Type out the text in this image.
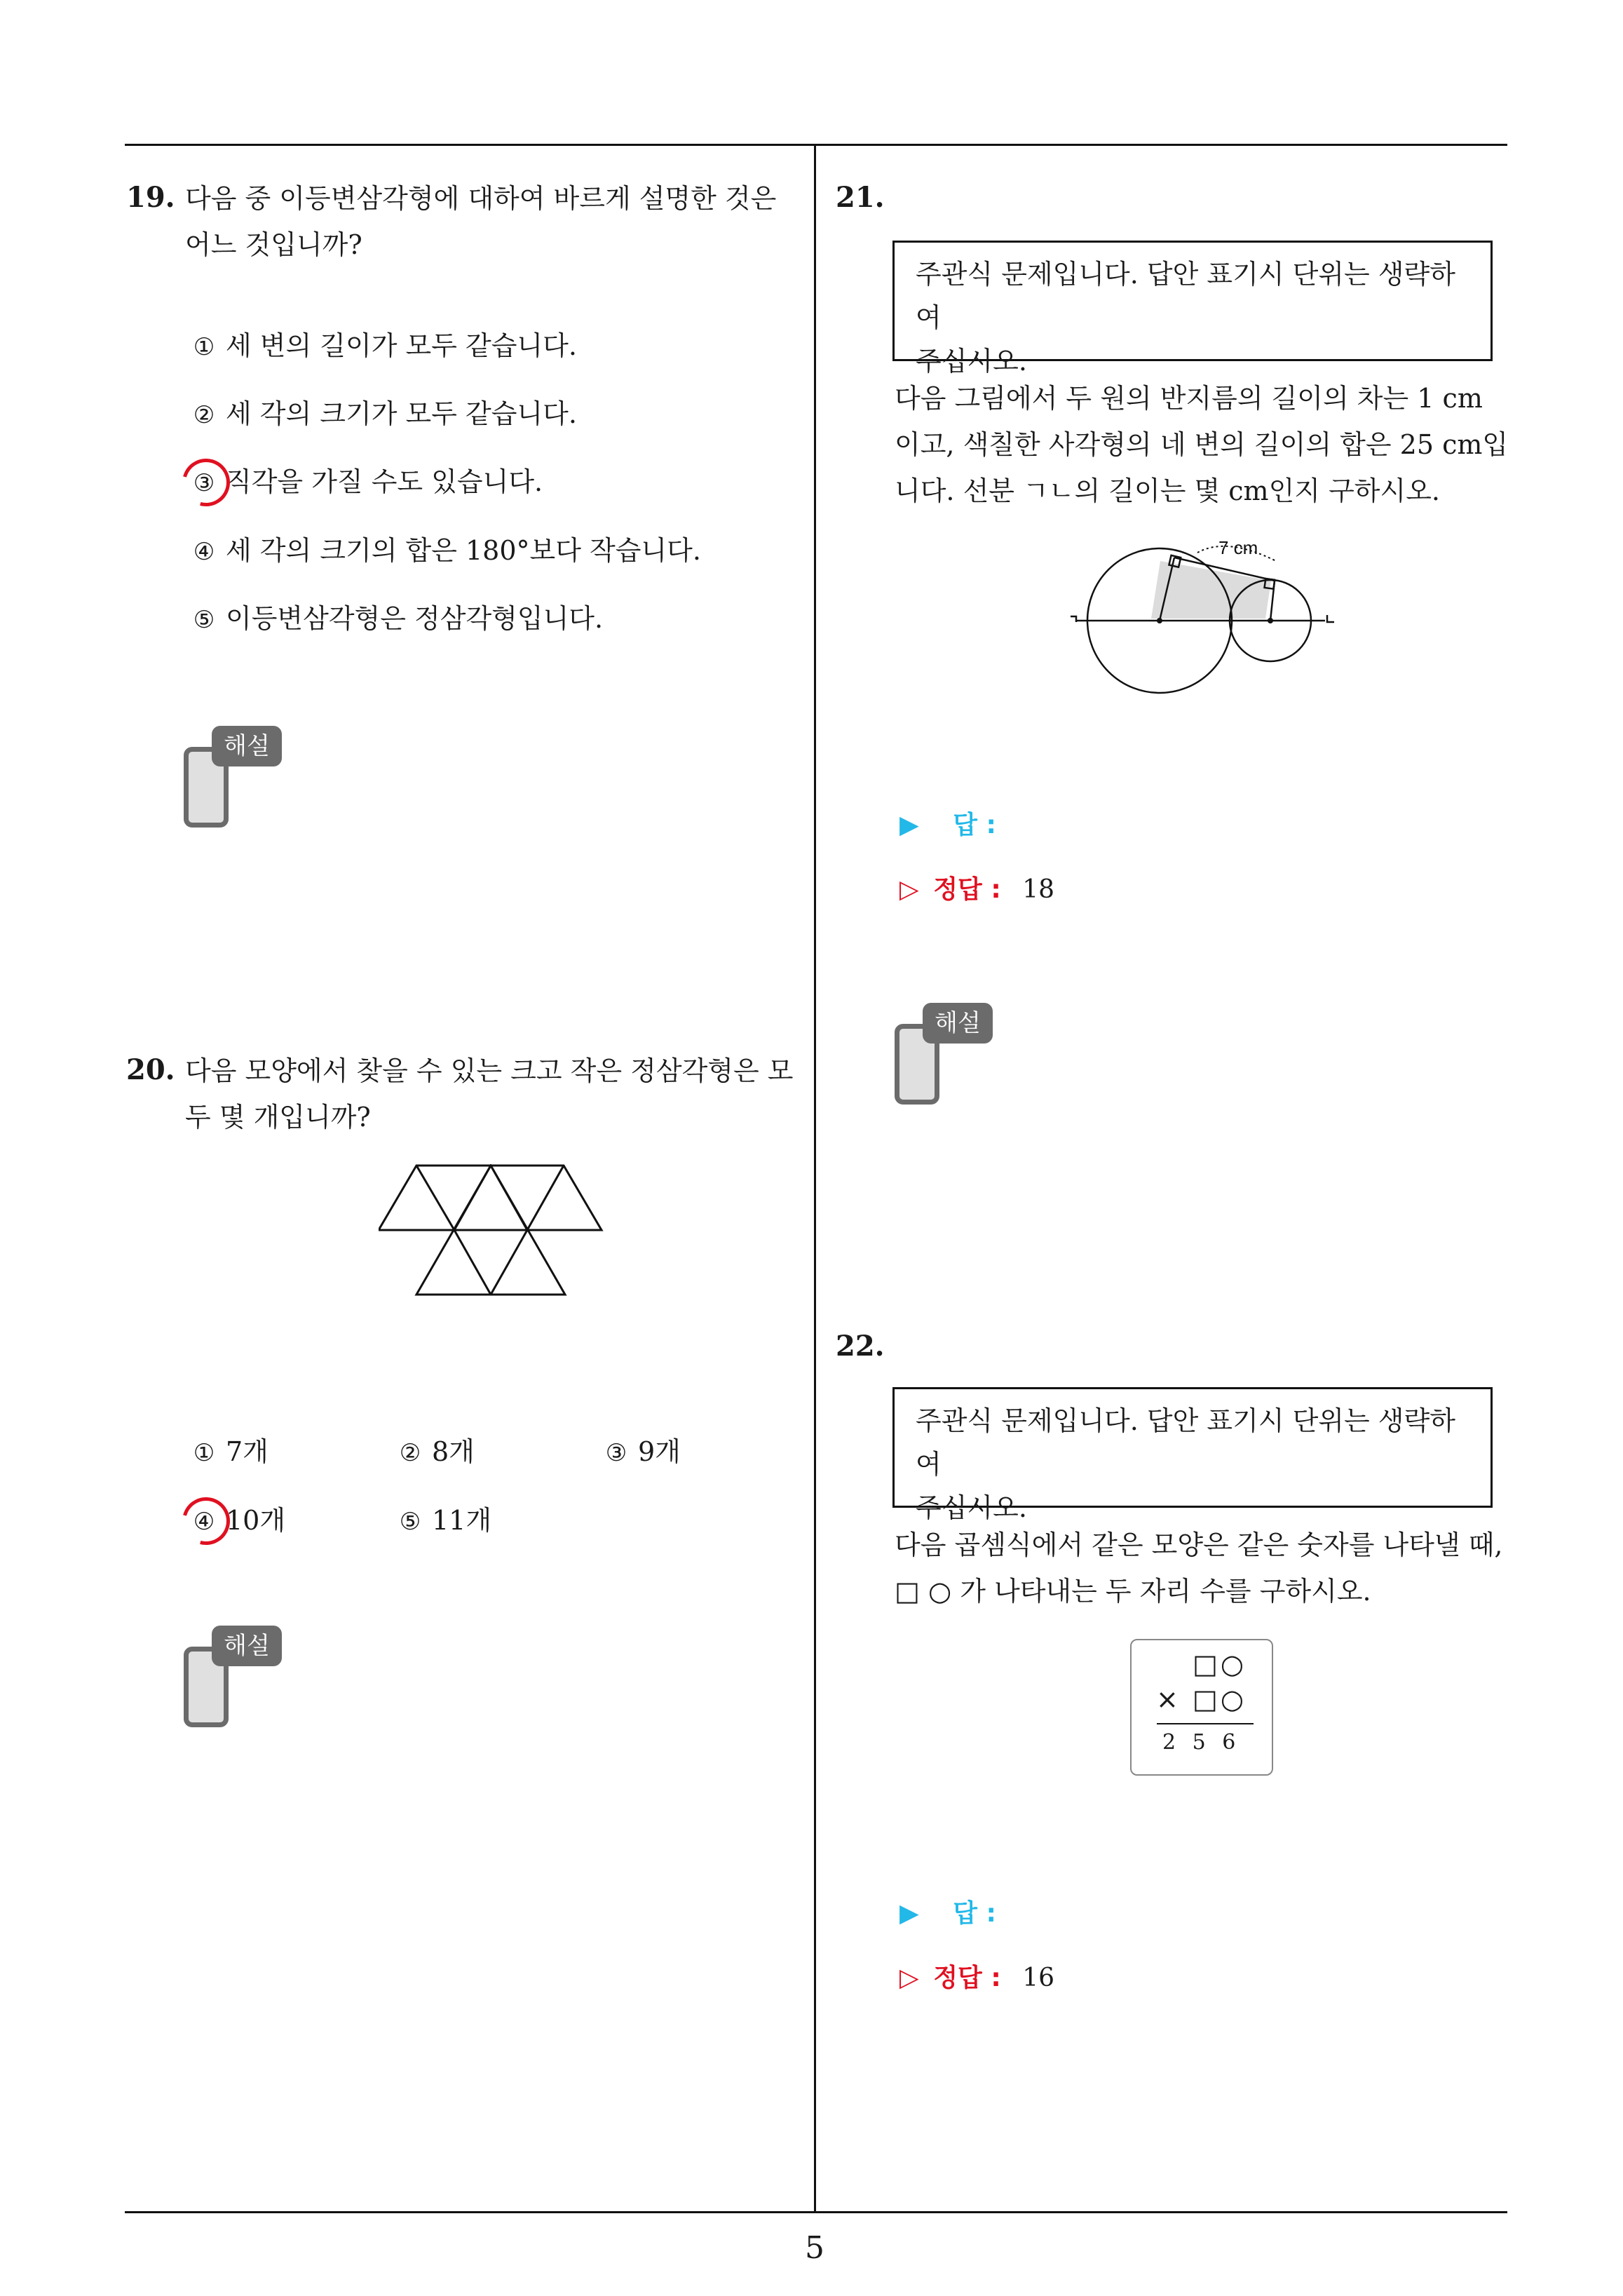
19. 다음 중 이등변삼각형에 대하여 바르게 설명한 것은
어느 것입니까?
① 세 변의 길이가 모두 같습니다.
② 세 각의 크기가 모두 같습니다.
③ 직각을 가질 수도 있습니다.
④ 세 각의 크기의 합은 180°보다 작습니다.
⑤ 이등변삼각형은 정삼각형입니다.
해설
20. 다음 모양에서 찾을 수 있는 크고 작은 정삼각형은 모
두 몇 개입니까?
① 7개	② 8개	③ 9개
④ 10개	⑤ 11개
해설
21.
주관식 문제입니다. 답안 표기시 단위는 생략하여
주십시오.
다음 그림에서 두 원의 반지름의 길이의 차는 1 cm
이고, 색칠한 사각형의 네 변의 길이의 합은 25 cm입
니다. 선분 ㄱㄴ의 길이는 몇 cm인지 구하시오.
7 cm
ㄱ	ㄴ
▶ 답 :
▷ 정답 : 18
해설
22.
주관식 문제입니다. 답안 표기시 단위는 생략하여
주십시오.
다음 곱셈식에서 같은 모양은 같은 숫자를 나타낼 때,
□ ○ 가 나타내는 두 자리 수를 구하시오.
□○
× □○
2 5 6
▶ 답 :
▷ 정답 : 16
5
